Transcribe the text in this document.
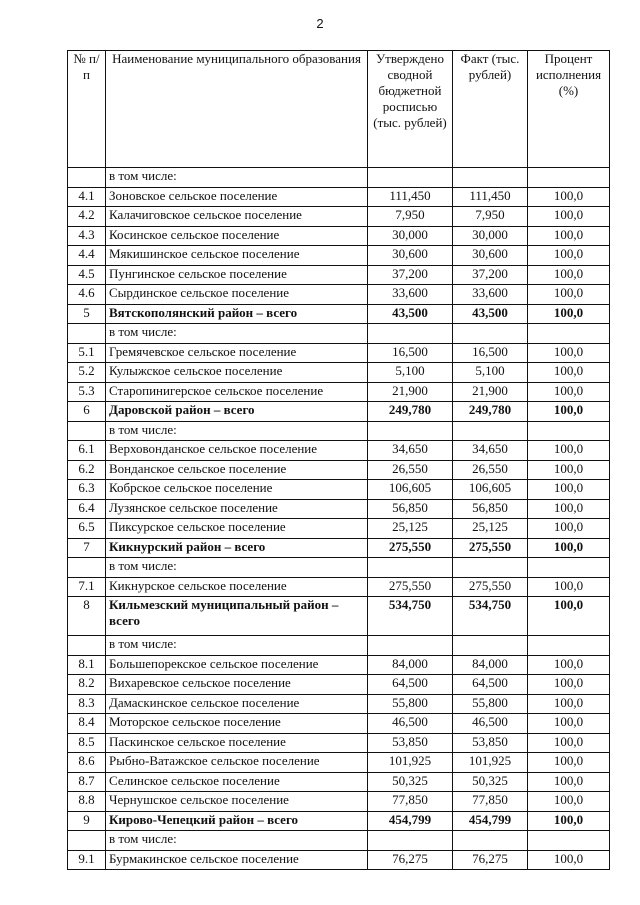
2
№ п/п	Наименование муниципального образования	Утверждено сводной бюджетной росписью (тыс. рублей)	Факт (тыс. рублей)	Процент исполнения (%)
	в том числе:			
4.1	Зоновское сельское поселение	111,450	111,450	100,0
4.2	Калачиговское сельское поселение	7,950	7,950	100,0
4.3	Косинское сельское поселение	30,000	30,000	100,0
4.4	Мякишинское сельское поселение	30,600	30,600	100,0
4.5	Пунгинское сельское поселение	37,200	37,200	100,0
4.6	Сырдинское сельское поселение	33,600	33,600	100,0
5	Вятскополянский район – всего	43,500	43,500	100,0
	в том числе:			
5.1	Гремячевское сельское поселение	16,500	16,500	100,0
5.2	Кулыжское сельское поселение	5,100	5,100	100,0
5.3	Старопинигерское сельское поселение	21,900	21,900	100,0
6	Даровской район – всего	249,780	249,780	100,0
	в том числе:			
6.1	Верховонданское сельское поселение	34,650	34,650	100,0
6.2	Вонданское сельское поселение	26,550	26,550	100,0
6.3	Кобрское сельское поселение	106,605	106,605	100,0
6.4	Лузянское сельское поселение	56,850	56,850	100,0
6.5	Пиксурское сельское поселение	25,125	25,125	100,0
7	Кикнурский район – всего	275,550	275,550	100,0
	в том числе:			
7.1	Кикнурское сельское поселение	275,550	275,550	100,0
8	Кильмезский муниципальный район – всего	534,750	534,750	100,0
	в том числе:			
8.1	Большепорекское сельское поселение	84,000	84,000	100,0
8.2	Вихаревское сельское поселение	64,500	64,500	100,0
8.3	Дамаскинское сельское поселение	55,800	55,800	100,0
8.4	Моторское сельское поселение	46,500	46,500	100,0
8.5	Паскинское сельское поселение	53,850	53,850	100,0
8.6	Рыбно-Ватажское сельское поселение	101,925	101,925	100,0
8.7	Селинское сельское поселение	50,325	50,325	100,0
8.8	Чернушское сельское поселение	77,850	77,850	100,0
9	Кирово-Чепецкий район – всего	454,799	454,799	100,0
	в том числе:			
9.1	Бурмакинское сельское поселение	76,275	76,275	100,0
